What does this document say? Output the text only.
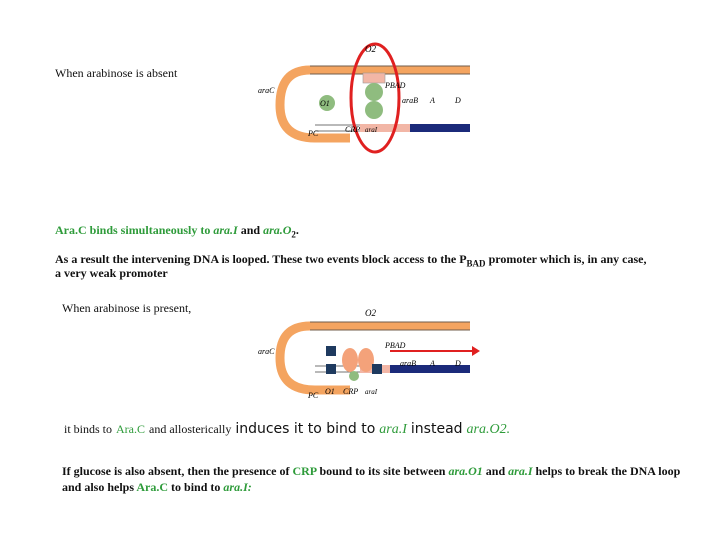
When arabinose is absent
O2
araC
PBAD
O1	araB A	D
PC	CRP araI
Ara.C binds simultaneously to ara.I and $ara.O_2$.
As a result the intervening DNA is looped. These two events block access to the $P_{BAD}$ promoter which is, in any case,
a very weak promoter
When arabinose is present,	O2
araC
PBAD
araB A	D
PC O1 CRP araI
it binds to Ara.C and allosterically induces it to bind to ara.I instead ara.O2.
If glucose is also absent, then the presence of CRP bound to its site between ara.O1 and ara.I helps to break the DNA loop
and also helps Ara.C to bind to ara.I:
